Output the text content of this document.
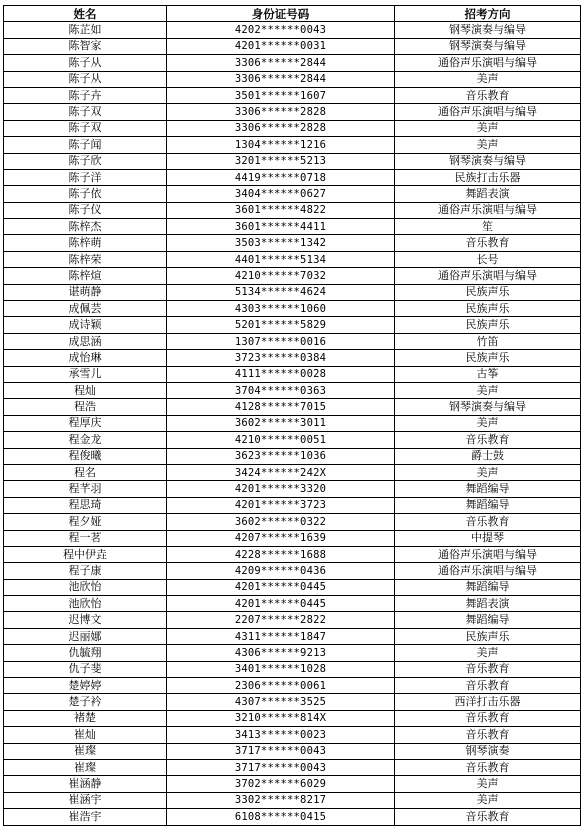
姓名	身份证号码	招考方向
陈芷如	4202******0043	钢琴演奏与编导
陈智家	4201******0031	钢琴演奏与编导
陈子从	3306******2844	通俗声乐演唱与编导
陈子从	3306******2844	美声
陈子卉	3501******1607	音乐教育
陈子双	3306******2828	通俗声乐演唱与编导
陈子双	3306******2828	美声
陈子闻	1304******1216	美声
陈子欣	3201******5213	钢琴演奏与编导
陈子洋	4419******0718	民族打击乐器
陈子依	3404******0627	舞蹈表演
陈子仪	3601******4822	通俗声乐演唱与编导
陈梓杰	3601******4411	笙
陈梓萌	3503******1342	音乐教育
陈梓荣	4401******5134	长号
陈梓煊	4210******7032	通俗声乐演唱与编导
谌萌静	5134******4624	民族声乐
成佩芸	4303******1060	民族声乐
成诗颖	5201******5829	民族声乐
成思涵	1307******0016	竹笛
成怡琳	3723******0384	民族声乐
承雪儿	4111******0028	古筝
程灿	3704******0363	美声
程浩	4128******7015	钢琴演奏与编导
程厚庆	3602******3011	美声
程金龙	4210******0051	音乐教育
程俊曦	3623******1036	爵士鼓
程名	3424******242X	美声
程芊羽	4201******3320	舞蹈编导
程思琦	4201******3723	舞蹈编导
程夕娅	3602******0322	音乐教育
程一茗	4207******1639	中提琴
程中伊垚	4228******1688	通俗声乐演唱与编导
程子康	4209******0436	通俗声乐演唱与编导
池欣怡	4201******0445	舞蹈编导
池欣怡	4201******0445	舞蹈表演
迟博文	2207******2822	舞蹈编导
迟丽娜	4311******1847	民族声乐
仇毓翔	4306******9213	美声
仇子斐	3401******1028	音乐教育
楚婷婷	2306******0061	音乐教育
楚子衿	4307******3525	西洋打击乐器
褚楚	3210******814X	音乐教育
崔灿	3413******0023	音乐教育
崔璨	3717******0043	钢琴演奏
崔璨	3717******0043	音乐教育
崔涵静	3702******6029	美声
崔涵宇	3302******8217	美声
崔浩宇	6108******0415	音乐教育
